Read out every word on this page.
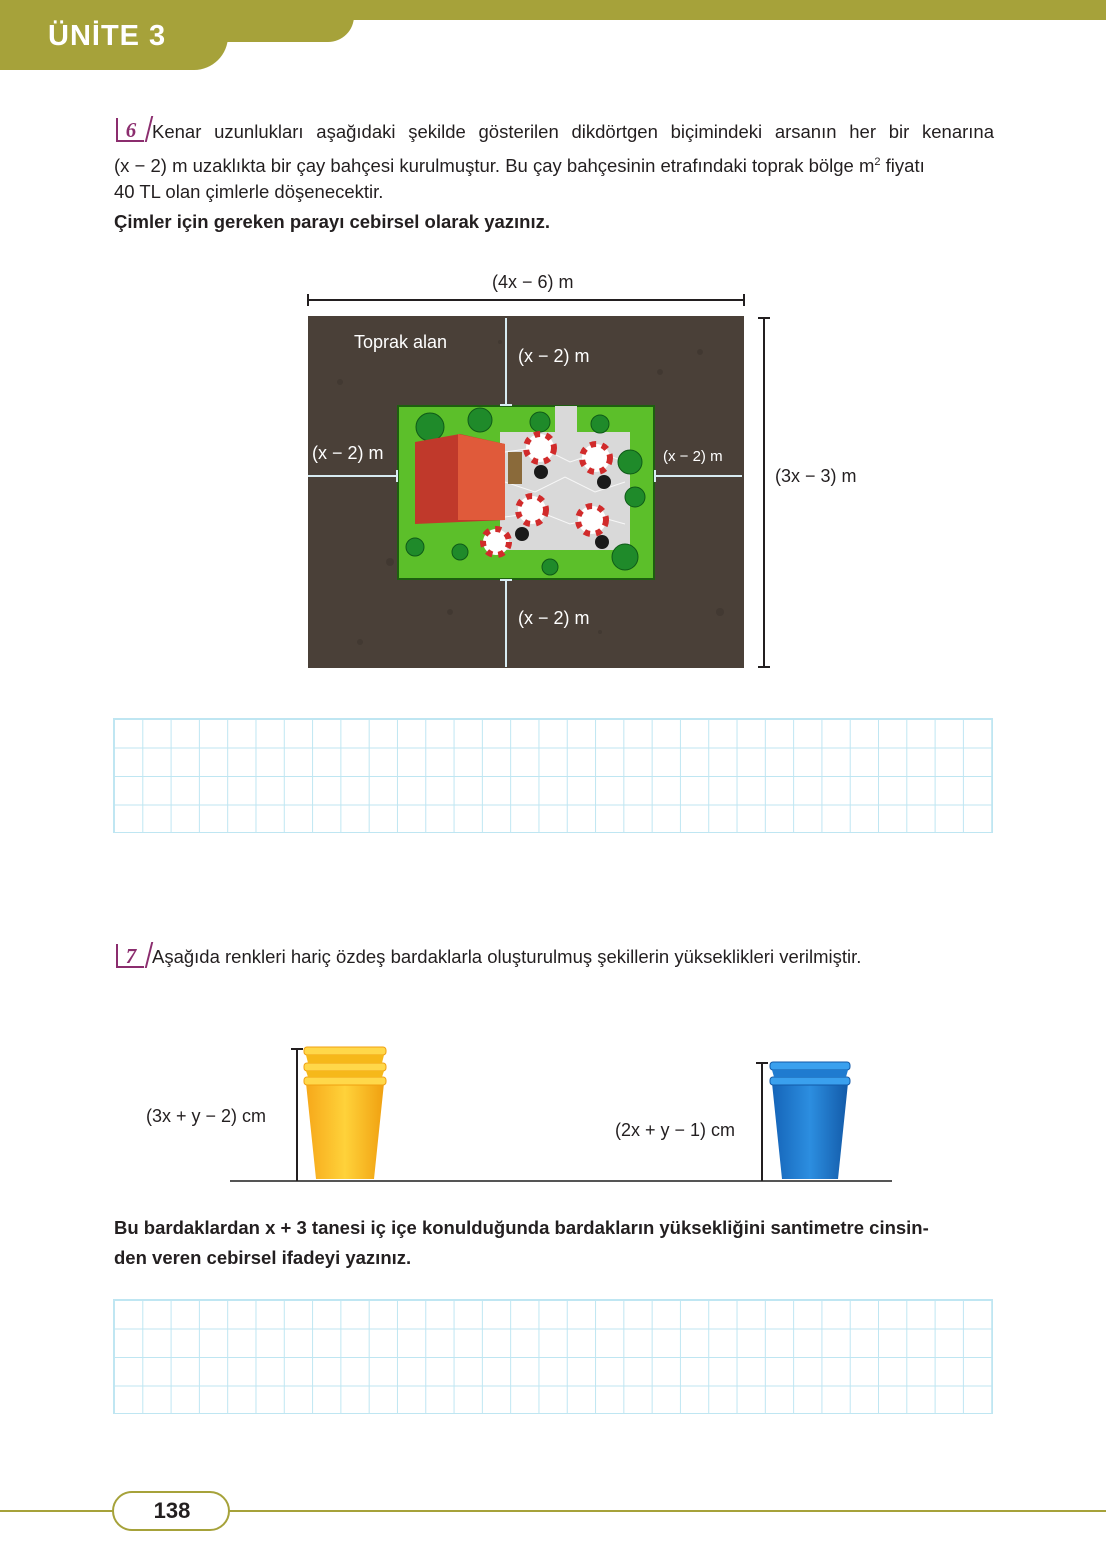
ÜNİTE 3
6 Kenar uzunlukları aşağıdaki şekilde gösterilen dikdörtgen biçimindeki arsanın her bir kenarına
(x − 2) m uzaklıkta bir çay bahçesi kurulmuştur. Bu çay bahçesinin etrafındaki toprak bölge $m^2$ fiyatı
40 TL olan çimlerle döşenecektir.
Çimler için gereken parayı cebirsel olarak yazınız.
(4x − 6) m
(3x − 3) m
Toprak alan
(x − 2) m
(x − 2) m	(x − 2) m
(x − 2) m
7 Aşağıda renkleri hariç özdeş bardaklarla oluşturulmuş şekillerin yükseklikleri verilmiştir.
(3x + y − 2) cm
(2x + y − 1) cm
Bu bardaklardan x + 3 tanesi iç içe konulduğunda bardakların yüksekliğini santimetre cinsin-
den veren cebirsel ifadeyi yazınız.
138
